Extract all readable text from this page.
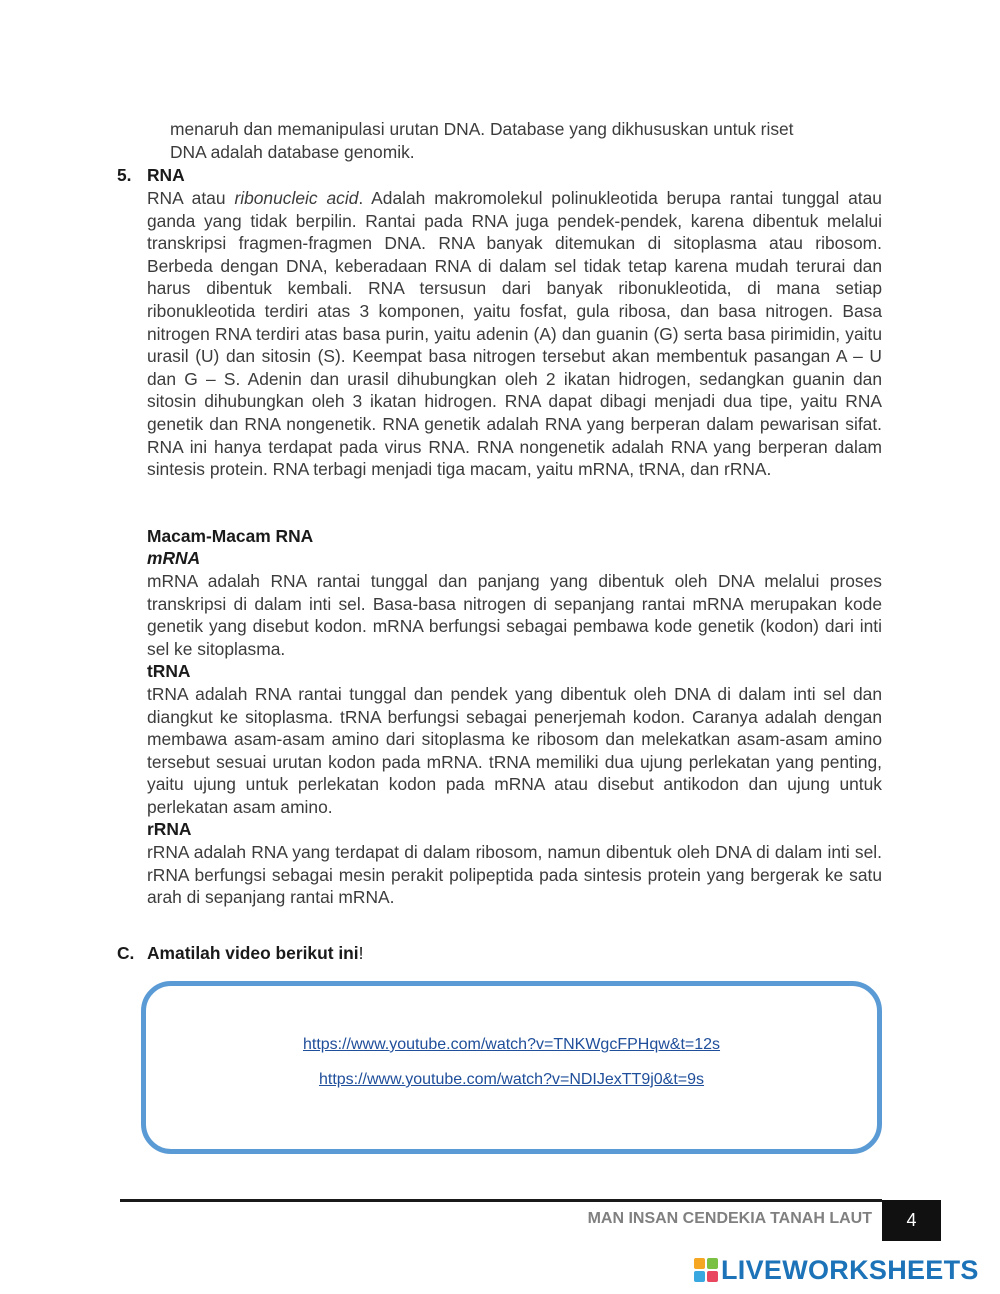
menaruh dan memanipulasi urutan DNA. Database yang dikhususkan untuk riset
DNA adalah database genomik.

5. RNA

RNA atau ribonucleic acid. Adalah makromolekul polinukleotida berupa rantai tunggal atau ganda yang tidak berpilin. Rantai pada RNA juga pendek-pendek, karena dibentuk melalui transkripsi fragmen-fragmen DNA. RNA banyak ditemukan di sitoplasma atau ribosom. Berbeda dengan DNA, keberadaan RNA di dalam sel tidak tetap karena mudah terurai dan harus dibentuk kembali. RNA tersusun dari banyak ribonukleotida, di mana setiap ribonukleotida terdiri atas 3 komponen, yaitu fosfat, gula ribosa, dan basa nitrogen. Basa nitrogen RNA terdiri atas basa purin, yaitu adenin (A) dan guanin (G) serta basa pirimidin, yaitu urasil (U) dan sitosin (S). Keempat basa nitrogen tersebut akan membentuk pasangan A – U dan G – S. Adenin dan urasil dihubungkan oleh 2 ikatan hidrogen, sedangkan guanin dan sitosin dihubungkan oleh 3 ikatan hidrogen. RNA dapat dibagi menjadi dua tipe, yaitu RNA genetik dan RNA nongenetik. RNA genetik adalah RNA yang berperan dalam pewarisan sifat. RNA ini hanya terdapat pada virus RNA. RNA nongenetik adalah RNA yang berperan dalam sintesis protein. RNA terbagi menjadi tiga macam, yaitu mRNA, tRNA, dan rRNA.

Macam-Macam RNA

mRNA

mRNA adalah RNA rantai tunggal dan panjang yang dibentuk oleh DNA melalui proses transkripsi di dalam inti sel. Basa-basa nitrogen di sepanjang rantai mRNA merupakan kode genetik yang disebut kodon. mRNA berfungsi sebagai pembawa kode genetik (kodon) dari inti sel ke sitoplasma.

tRNA

tRNA adalah RNA rantai tunggal dan pendek yang dibentuk oleh DNA di dalam inti sel dan diangkut ke sitoplasma. tRNA berfungsi sebagai penerjemah kodon. Caranya adalah dengan membawa asam-asam amino dari sitoplasma ke ribosom dan melekatkan asam-asam amino tersebut sesuai urutan kodon pada mRNA. tRNA memiliki dua ujung perlekatan yang penting, yaitu ujung untuk perlekatan kodon pada mRNA atau disebut antikodon dan ujung untuk perlekatan asam amino.

rRNA

rRNA adalah RNA yang terdapat di dalam ribosom, namun dibentuk oleh DNA di dalam inti sel. rRNA berfungsi sebagai mesin perakit polipeptida pada sintesis protein yang bergerak ke satu arah di sepanjang rantai mRNA.

C. Amatilah video berikut ini!

https://www.youtube.com/watch?v=TNKWgcFPHqw&t=12s
https://www.youtube.com/watch?v=NDIJexTT9j0&t=9s
MAN INSAN CENDEKIA TANAH LAUT	4
LIVEWORKSHEETS
